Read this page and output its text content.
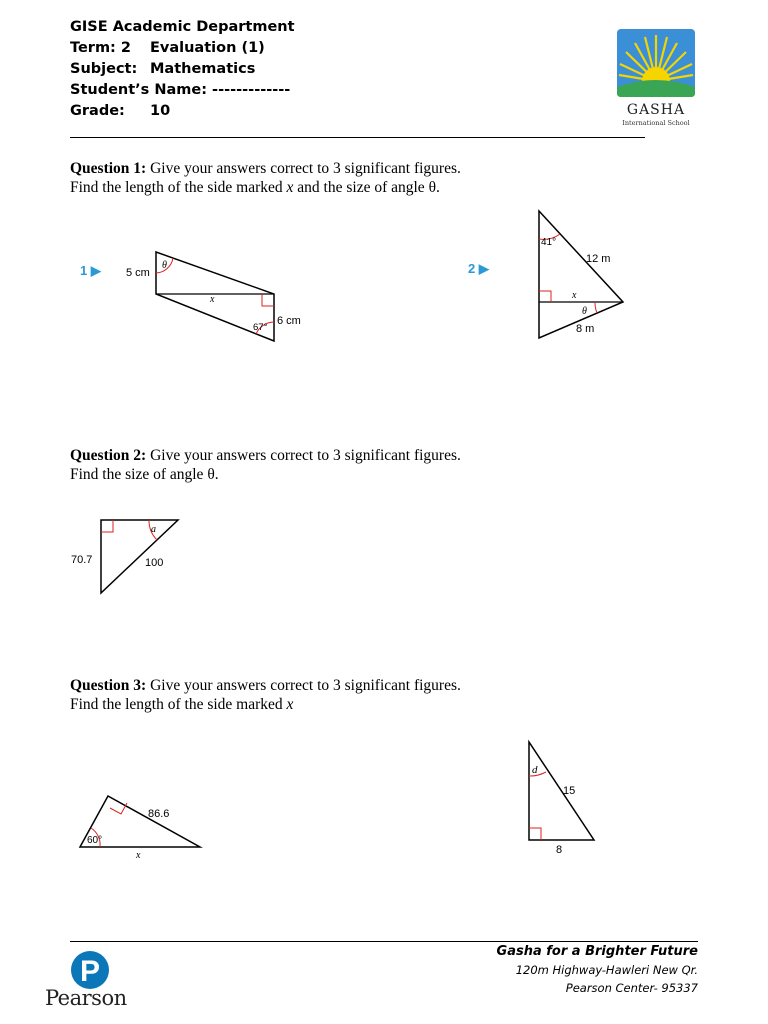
GISE Academic Department
Term: 2 Evaluation (1)
Subject: Mathematics
Student’s Name: -------------
Grade: 10	GASHA
International School
Question 1: Give your answers correct to 3 significant figures.
Find the length of the side marked x and the size of angle θ.
1 ▶ 5 cm
6 cm
67°
θ
x
2 ▶
41°
12 m
x
θ
8 m
Question 2: Give your answers correct to 3 significant figures.
Find the size of angle θ.
a
70.7	100
Question 3: Give your answers correct to 3 significant figures.
Find the length of the side marked x
86.6
60°
x
d
15
8
P
Pearson
Gasha for a Brighter Future
120m Highway-Hawleri New Qr.
Pearson Center- 95337
